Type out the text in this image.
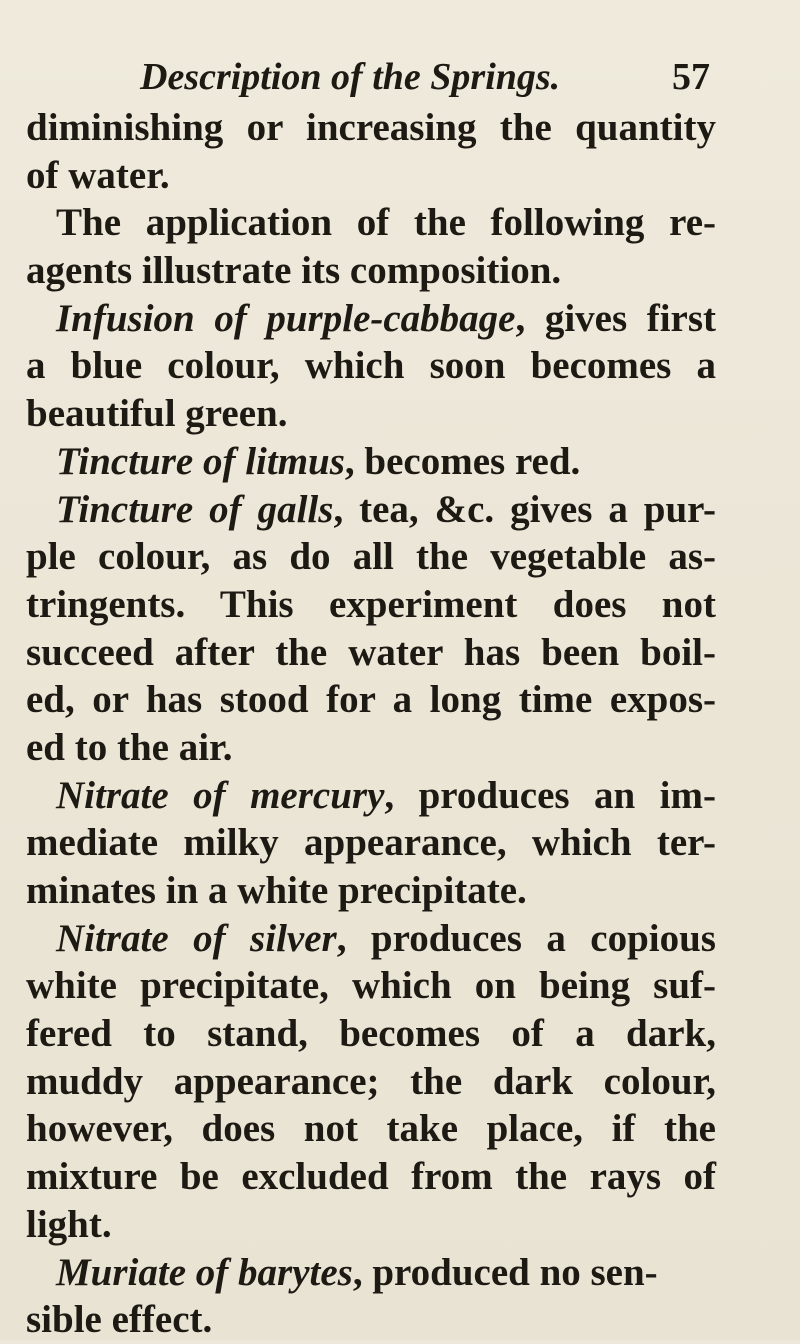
Description of the Springs.	57
diminishing or increasing the quantity
of water.
The application of the following re-
agents illustrate its composition.
Infusion of purple-cabbage, gives first
a blue colour, which soon becomes a
beautiful green.
Tincture of litmus, becomes red.
Tincture of galls, tea, &c. gives a pur-
ple colour, as do all the vegetable as-
tringents. This experiment does not
succeed after the water has been boil-
ed, or has stood for a long time expos-
ed to the air.
Nitrate of mercury, produces an im-
mediate milky appearance, which ter-
minates in a white precipitate.
Nitrate of silver, produces a copious
white precipitate, which on being suf-
fered to stand, becomes of a dark,
muddy appearance; the dark colour,
however, does not take place, if the
mixture be excluded from the rays of
light.
Muriate of barytes, produced no sen-
sible effect.
